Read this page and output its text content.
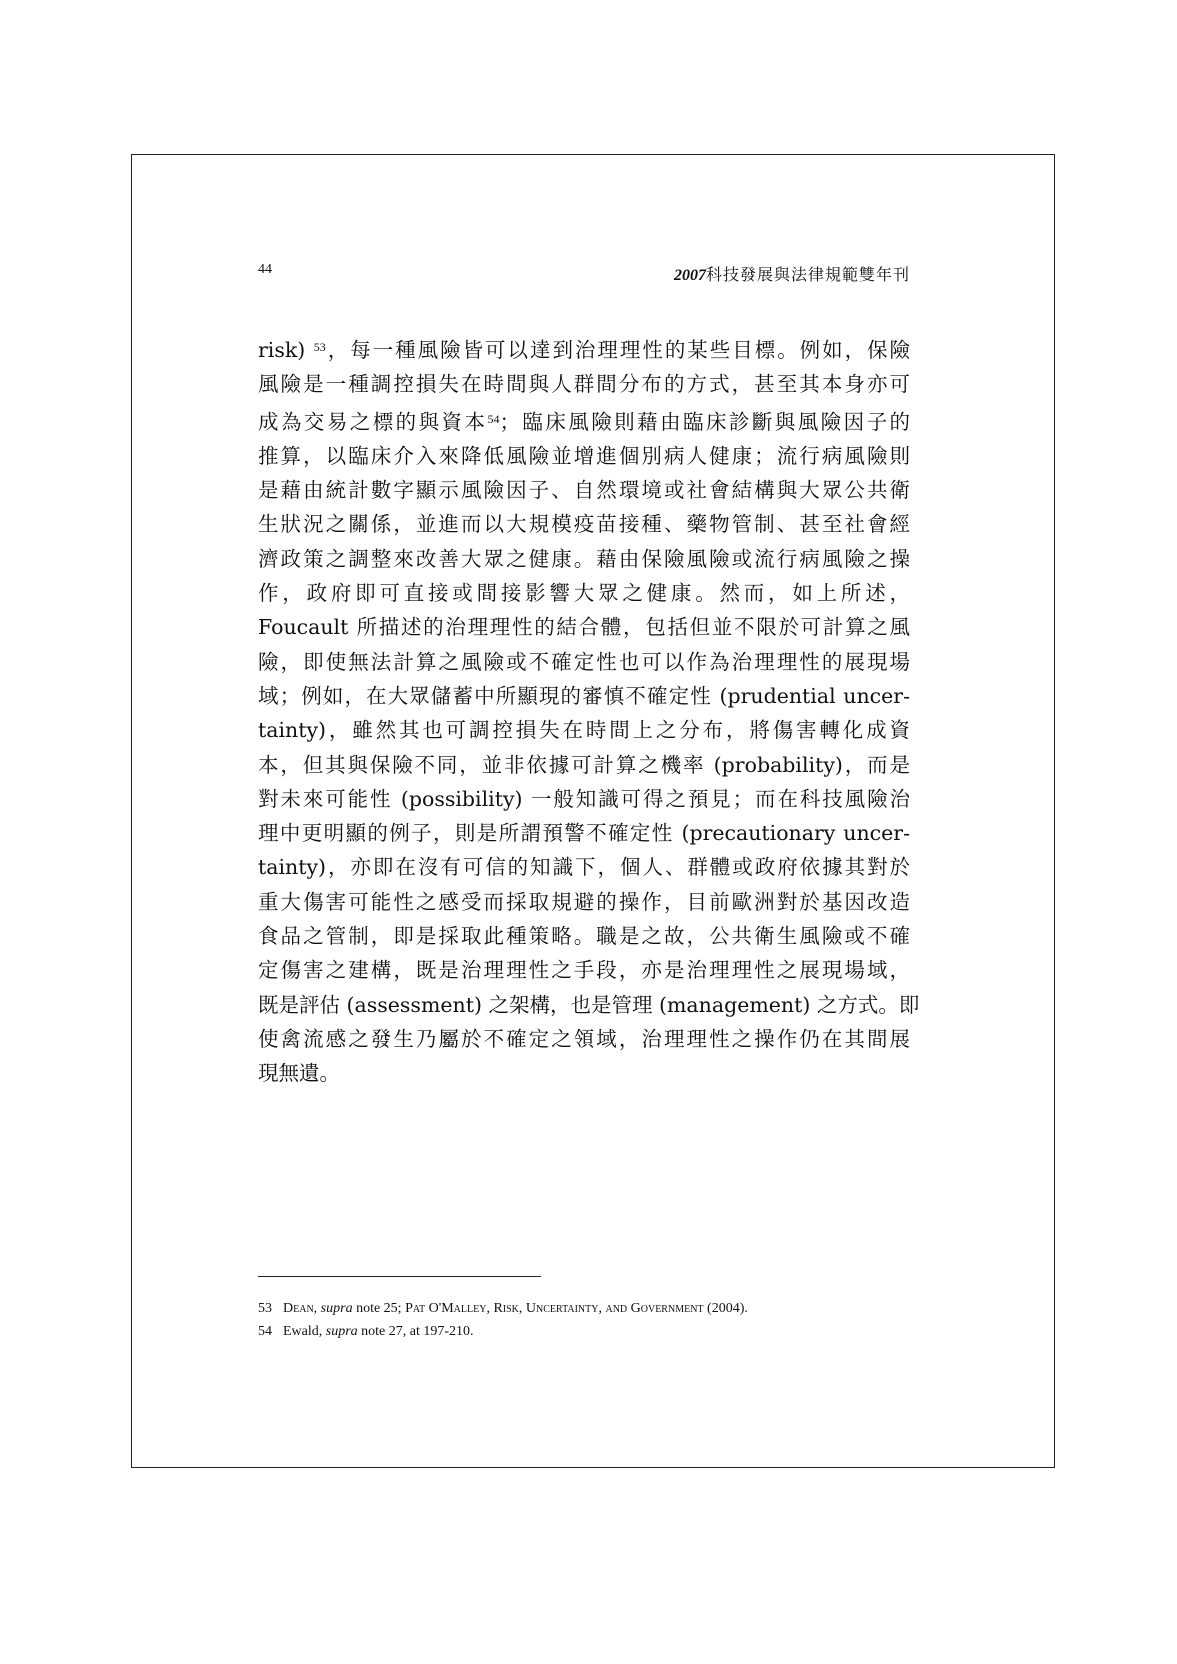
44	2007科技發展與法律規範雙年刊
risk) $^{53}$，每一種風險皆可以達到治理理性的某些目標。例如，保險
風險是一種調控損失在時間與人群間分布的方式，甚至其本身亦可
成為交易之標的與資本$^{54}$；臨床風險則藉由臨床診斷與風險因子的
推算，以臨床介入來降低風險並增進個別病人健康；流行病風險則
是藉由統計數字顯示風險因子、自然環境或社會結構與大眾公共衛
生狀況之關係，並進而以大規模疫苗接種、藥物管制、甚至社會經
濟政策之調整來改善大眾之健康。藉由保險風險或流行病風險之操
作，政府即可直接或間接影響大眾之健康。然而，如上所述，
Foucault 所描述的治理理性的結合體，包括但並不限於可計算之風
險，即使無法計算之風險或不確定性也可以作為治理理性的展現場
域；例如，在大眾儲蓄中所顯現的審慎不確定性 (prudential uncer-
tainty)，雖然其也可調控損失在時間上之分布，將傷害轉化成資
本，但其與保險不同，並非依據可計算之機率 (probability)，而是
對未來可能性 (possibility) 一般知識可得之預見；而在科技風險治
理中更明顯的例子，則是所謂預警不確定性 (precautionary uncer-
tainty)，亦即在沒有可信的知識下，個人、群體或政府依據其對於
重大傷害可能性之感受而採取規避的操作，目前歐洲對於基因改造
食品之管制，即是採取此種策略。職是之故，公共衛生風險或不確
定傷害之建構，既是治理理性之手段，亦是治理理性之展現場域，
既是評估 (assessment) 之架構，也是管理 (management) 之方式。即
使禽流感之發生乃屬於不確定之領域，治理理性之操作仍在其間展
現無遺。
53 Dean, supra note 25; Pat O'Malley, Risk, Uncertainty, and Government (2004).
54 Ewald, supra note 27, at 197-210.
